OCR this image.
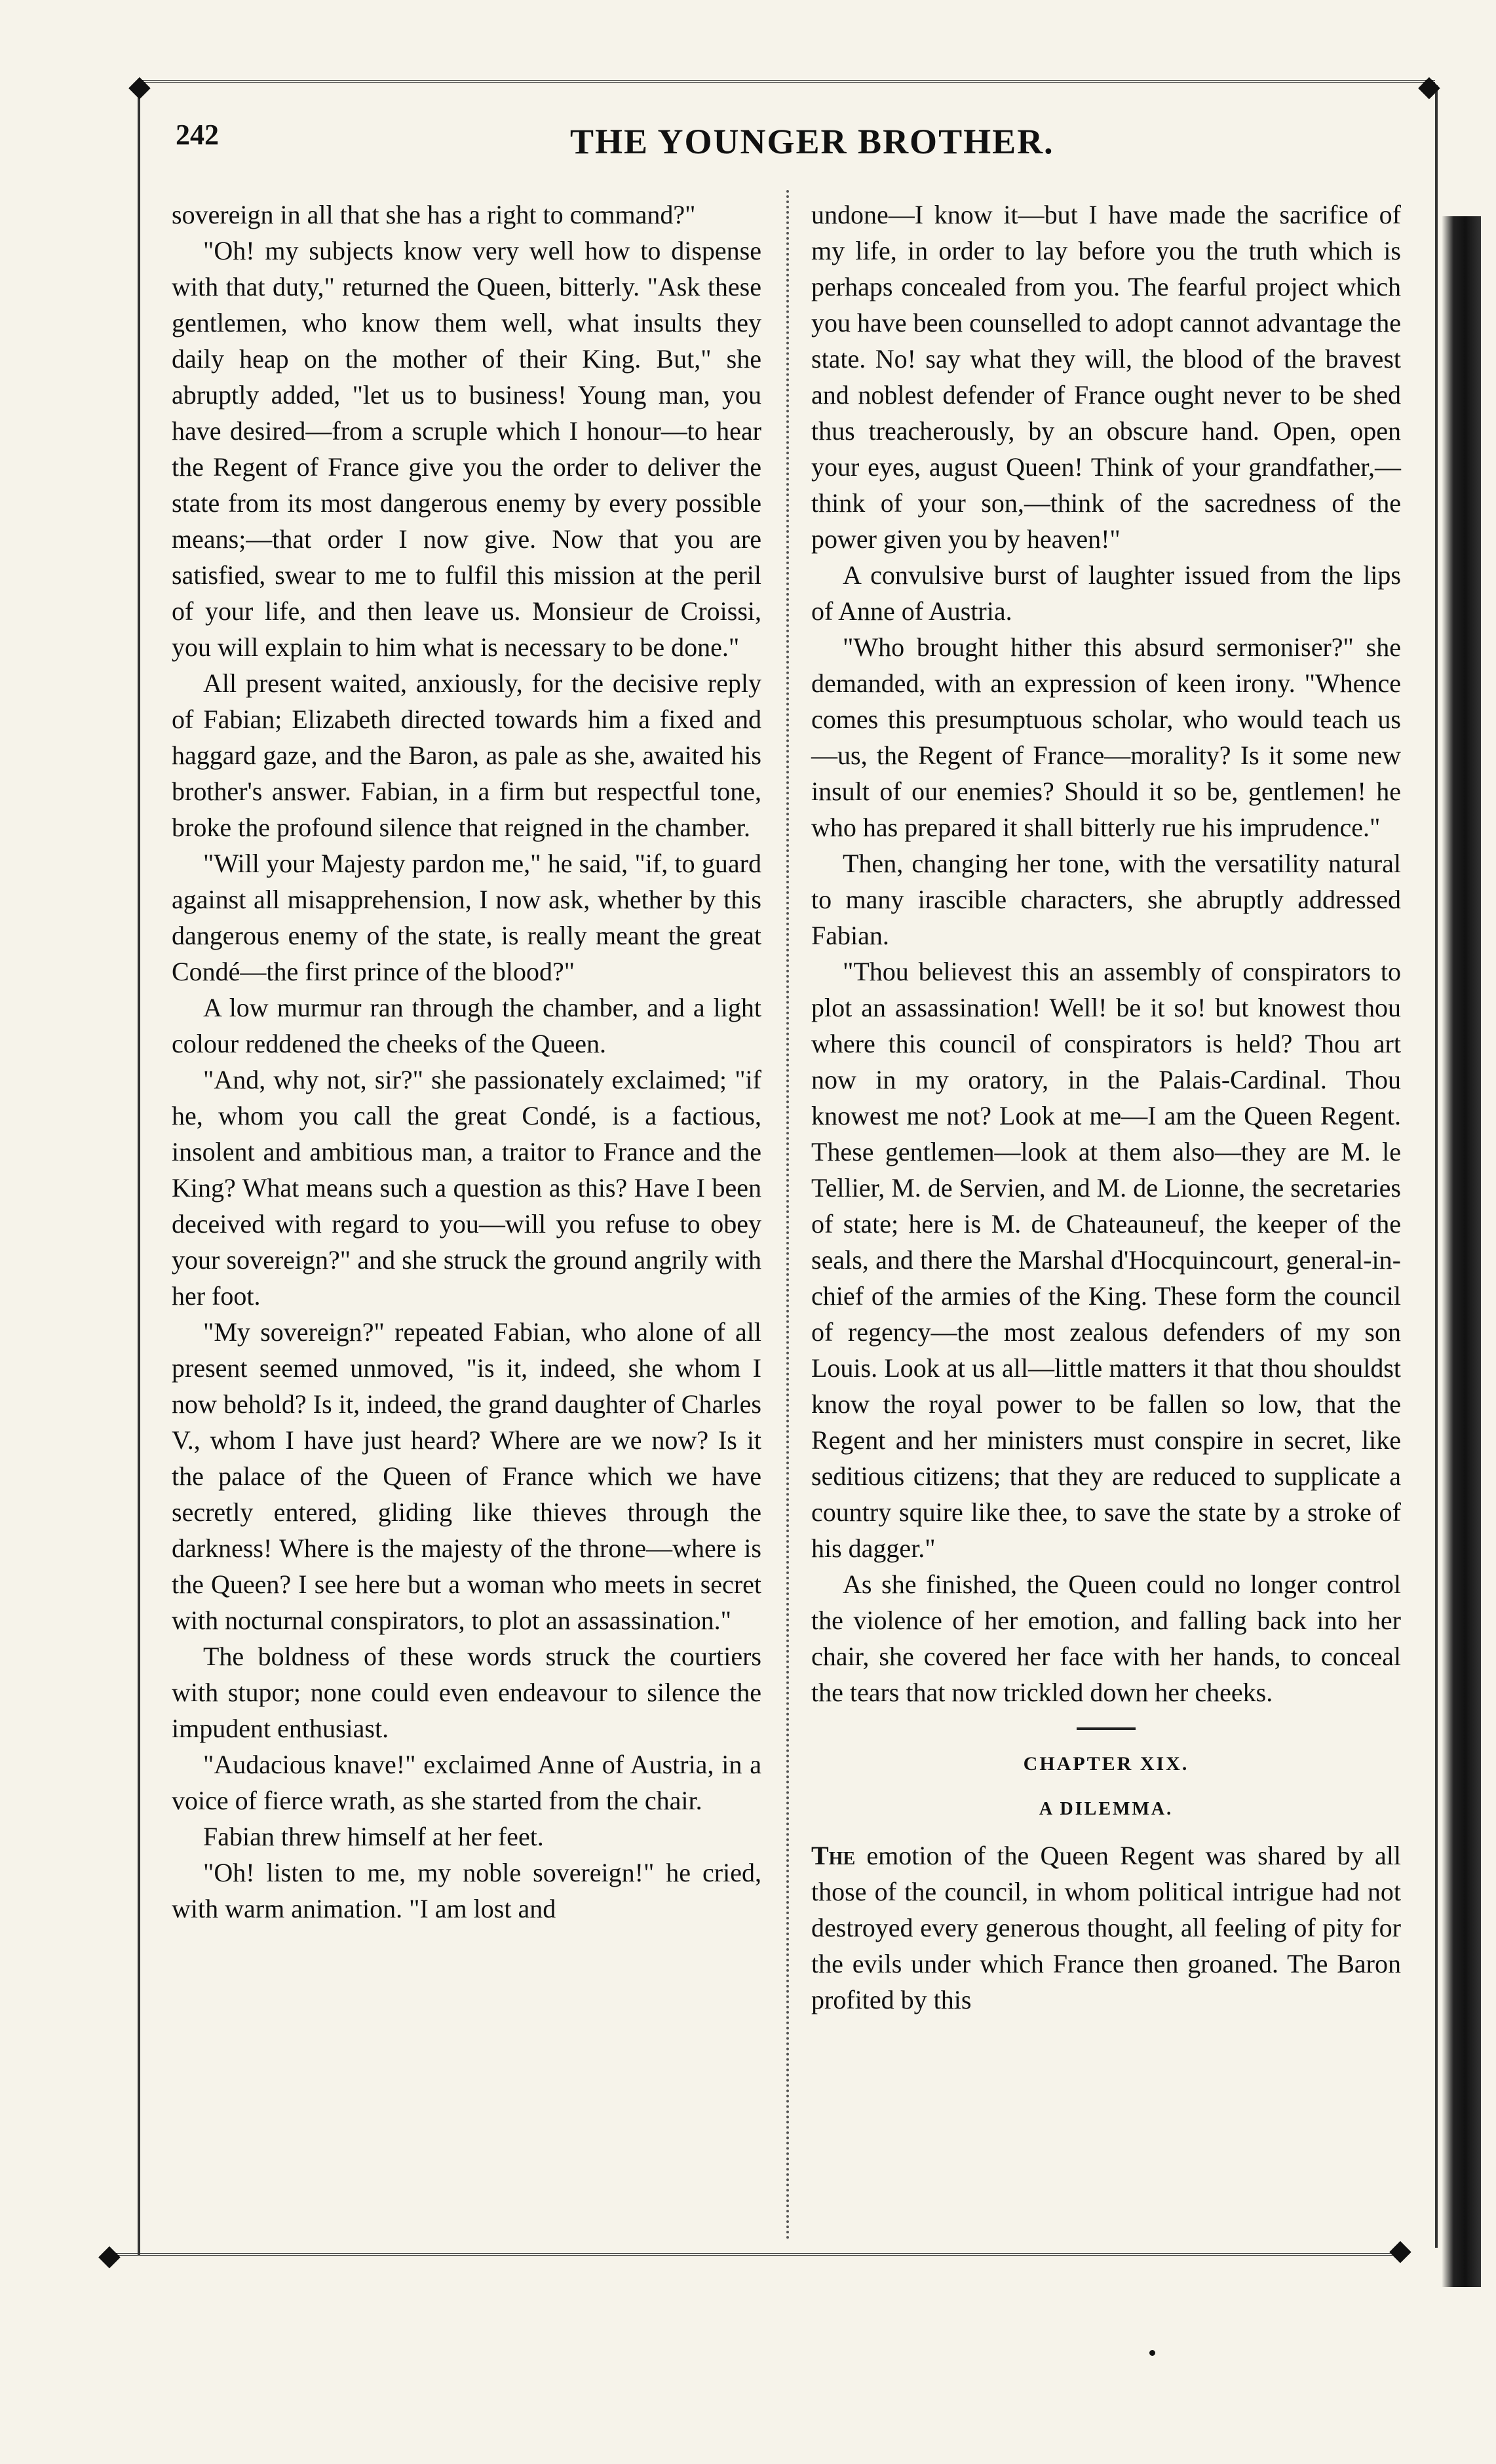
◆	◆
◆	◆
242	THE YOUNGER BROTHER.

sovereign in all that she has a right to command?"

"Oh! my subjects know very well how to dispense with that duty," returned the Queen, bitterly. "Ask these gentlemen, who know them well, what insults they daily heap on the mother of their King. But," she abruptly added, "let us to business! Young man, you have desired—from a scruple which I honour—to hear the Regent of France give you the order to deliver the state from its most dangerous enemy by every possible means;—that order I now give. Now that you are satisfied, swear to me to fulfil this mission at the peril of your life, and then leave us. Monsieur de Croissi, you will explain to him what is necessary to be done."

All present waited, anxiously, for the decisive reply of Fabian; Elizabeth directed towards him a fixed and haggard gaze, and the Baron, as pale as she, awaited his brother's answer. Fabian, in a firm but respectful tone, broke the profound silence that reigned in the chamber.

"Will your Majesty pardon me," he said, "if, to guard against all misapprehension, I now ask, whether by this dangerous enemy of the state, is really meant the great Condé—the first prince of the blood?"

A low murmur ran through the chamber, and a light colour reddened the cheeks of the Queen.

"And, why not, sir?" she passionately exclaimed; "if he, whom you call the great Condé, is a factious, insolent and ambitious man, a traitor to France and the King? What means such a question as this? Have I been deceived with regard to you—will you refuse to obey your sovereign?" and she struck the ground angrily with her foot.

"My sovereign?" repeated Fabian, who alone of all present seemed unmoved, "is it, indeed, she whom I now behold? Is it, indeed, the grand daughter of Charles V., whom I have just heard? Where are we now? Is it the palace of the Queen of France which we have secretly entered, gliding like thieves through the darkness! Where is the majesty of the throne—where is the Queen? I see here but a woman who meets in secret with nocturnal conspirators, to plot an assassination."

The boldness of these words struck the courtiers with stupor; none could even endeavour to silence the impudent enthusiast.

"Audacious knave!" exclaimed Anne of Austria, in a voice of fierce wrath, as she started from the chair.

Fabian threw himself at her feet.

"Oh! listen to me, my noble sovereign!" he cried, with warm animation. "I am lost and

undone—I know it—but I have made the sacrifice of my life, in order to lay before you the truth which is perhaps concealed from you. The fearful project which you have been counselled to adopt cannot advantage the state. No! say what they will, the blood of the bravest and noblest defender of France ought never to be shed thus treacherously, by an obscure hand. Open, open your eyes, august Queen! Think of your grandfather,—think of your son,—think of the sacredness of the power given you by heaven!"

A convulsive burst of laughter issued from the lips of Anne of Austria.

"Who brought hither this absurd sermoniser?" she demanded, with an expression of keen irony. "Whence comes this presumptuous scholar, who would teach us—us, the Regent of France—morality? Is it some new insult of our enemies? Should it so be, gentlemen! he who has prepared it shall bitterly rue his imprudence."

Then, changing her tone, with the versatility natural to many irascible characters, she abruptly addressed Fabian.

"Thou believest this an assembly of conspirators to plot an assassination! Well! be it so! but knowest thou where this council of conspirators is held? Thou art now in my oratory, in the Palais-Cardinal. Thou knowest me not? Look at me—I am the Queen Regent. These gentlemen—look at them also—they are M. le Tellier, M. de Servien, and M. de Lionne, the secretaries of state; here is M. de Chateauneuf, the keeper of the seals, and there the Marshal d'Hocquincourt, general-in-chief of the armies of the King. These form the council of regency—the most zealous defenders of my son Louis. Look at us all—little matters it that thou shouldst know the royal power to be fallen so low, that the Regent and her ministers must conspire in secret, like seditious citizens; that they are reduced to supplicate a country squire like thee, to save the state by a stroke of his dagger."

As she finished, the Queen could no longer control the violence of her emotion, and falling back into her chair, she covered her face with her hands, to conceal the tears that now trickled down her cheeks.

CHAPTER XIX.
A DILEMMA.

The emotion of the Queen Regent was shared by all those of the council, in whom political intrigue had not destroyed every generous thought, all feeling of pity for the evils under which France then groaned. The Baron profited by this
